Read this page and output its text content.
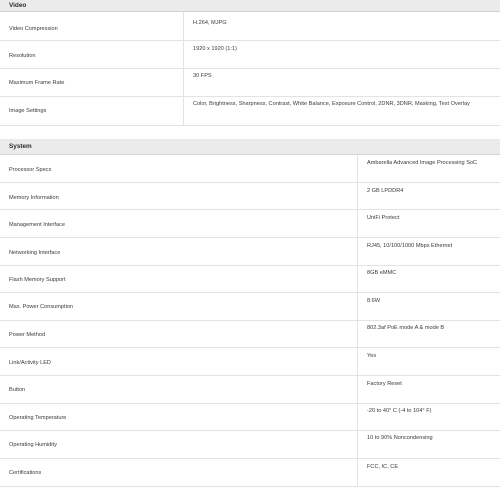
Video
Video Compression
H.264, MJPG
Resolution
1920 x 1920 (1:1)
Maximum Frame Rate
30 FPS
Image Settings
Color, Brightness, Sharpness, Contrast, White Balance, Exposure Control, 2DNR, 3DNR, Masking, Text Overlay
System
Processor Specs
Ambarella Advanced Image Processing SoC
Memory Information
2 GB LPDDR4
Management Interface
UniFi Protect
Networking Interface
RJ45, 10/100/1000 Mbps Ethernet
Flash Memory Support
8GB eMMC
Max. Power Consumption
8.6W
Power Method
802.3af PoE mode A & mode B
Link/Activity LED
Yes
Button
Factory Reset
Operating Temperature
-20 to 40° C (-4 to 104° F)
Operating Humidity
10 to 90% Noncondensing
Certifications
FCC, IC, CE
